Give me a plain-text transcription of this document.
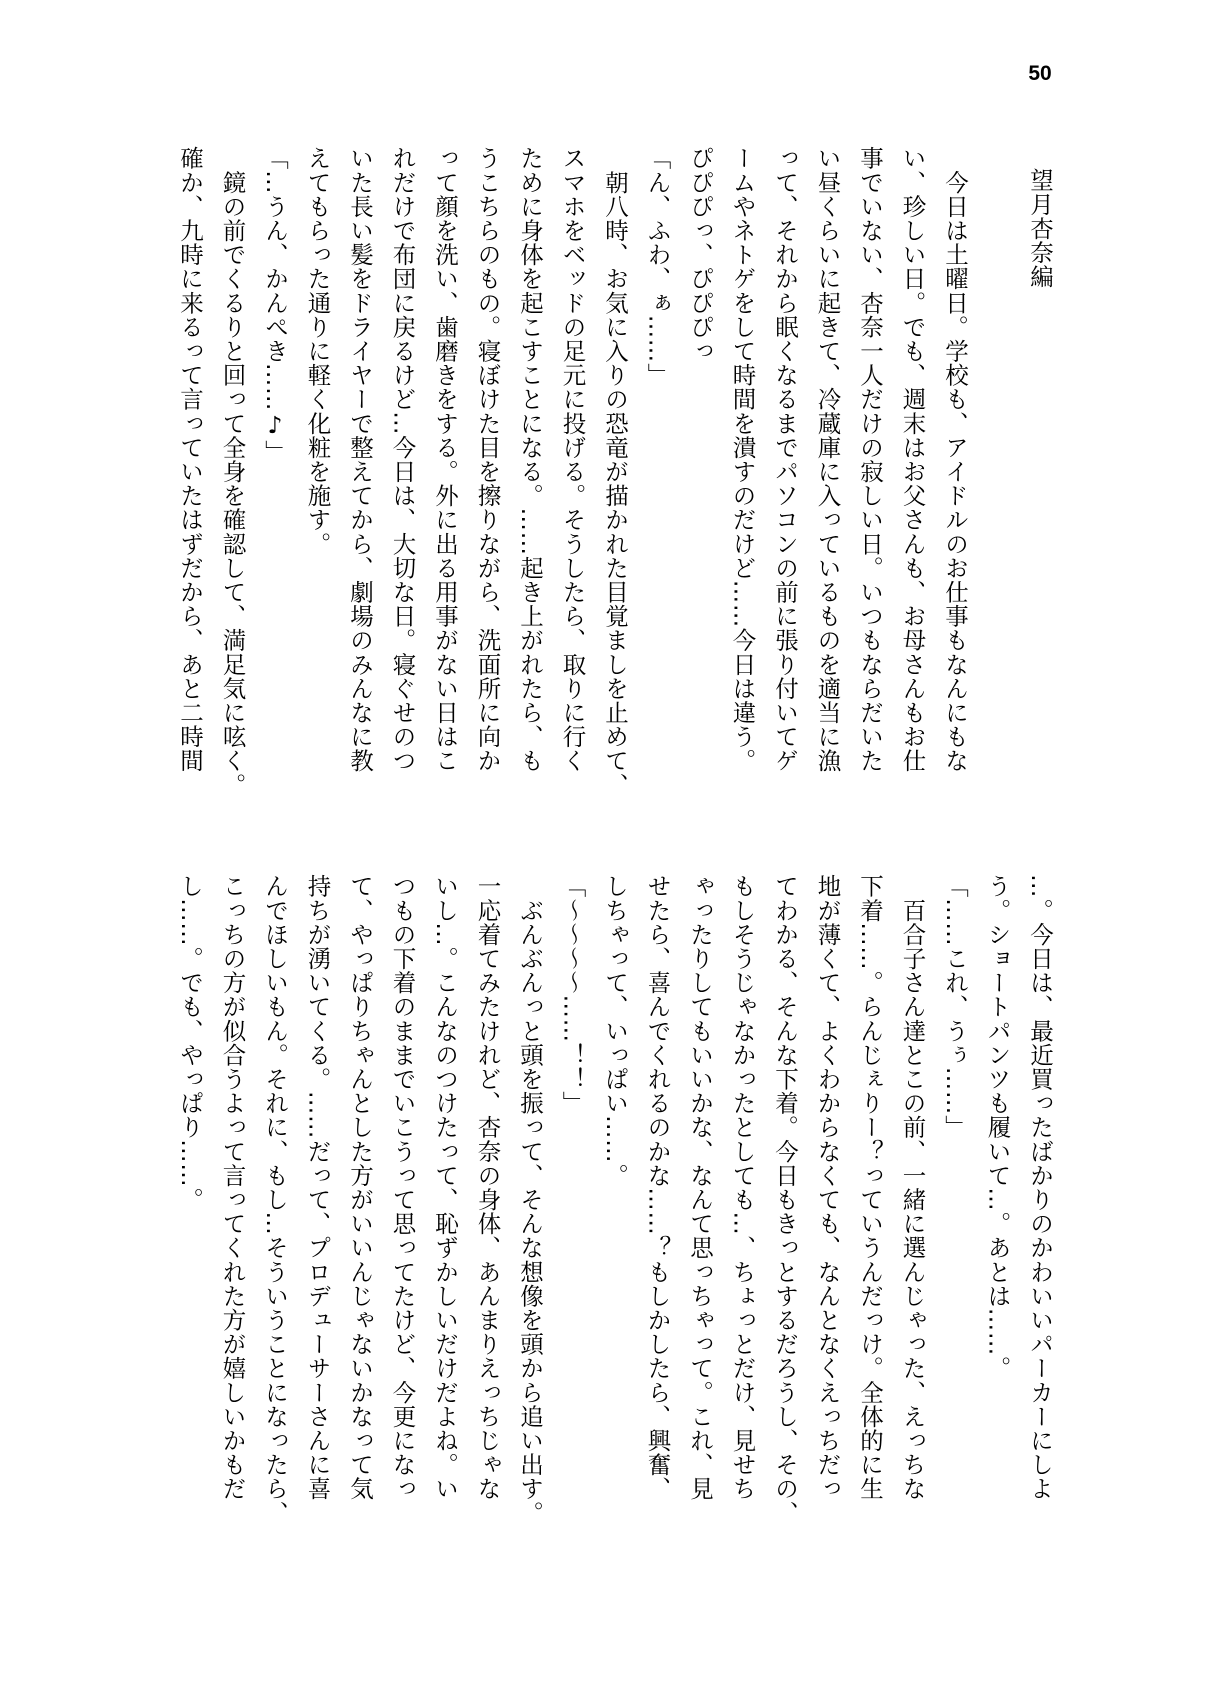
50
望月杏奈編
　今日は土曜日。学校も、アイドルのお仕事もなんにもな
い、珍しい日。でも、週末はお父さんも、お母さんもお仕
事でいない、杏奈一人だけの寂しい日。いつもならだいた
い昼くらいに起きて、冷蔵庫に入っているものを適当に漁
って、それから眠くなるまでパソコンの前に張り付いてゲ
ームやネトゲをして時間を潰すのだけど……今日は違う。
ぴぴぴっ、ぴぴぴっ
「ん、ふわ、ぁ……」
　朝八時、お気に入りの恐竜が描かれた目覚ましを止めて、
スマホをベッドの足元に投げる。そうしたら、取りに行く
ために身体を起こすことになる。……起き上がれたら、も
うこちらのもの。寝ぼけた目を擦りながら、洗面所に向か
って顔を洗い、歯磨きをする。外に出る用事がない日はこ
れだけで布団に戻るけど…今日は、大切な日。寝ぐせのつ
いた長い髪をドライヤーで整えてから、劇場のみんなに教
えてもらった通りに軽く化粧を施す。
「…うん、かんぺき……♪」
　鏡の前でくるりと回って全身を確認して、満足気に呟く。
確か、九時に来るって言っていたはずだから、あと二時間
…。今日は、最近買ったばかりのかわいいパーカーにしよ
う。ショートパンツも履いて…。あとは……。
「……これ、うぅ……」
　百合子さん達とこの前、一緒に選んじゃった、えっちな
下着……。らんじぇりー？っていうんだっけ。全体的に生
地が薄くて、よくわからなくても、なんとなくえっちだっ
てわかる、そんな下着。今日もきっとするだろうし、その、
もしそうじゃなかったとしても…、ちょっとだけ、見せち
ゃったりしてもいいかな、なんて思っちゃって。これ、見
せたら、喜んでくれるのかな……？もしかしたら、興奮、
しちゃって、いっぱい……。
「～～～～……！！」
　ぶんぶんっと頭を振って、そんな想像を頭から追い出す。
一応着てみたけれど、杏奈の身体、あんまりえっちじゃな
いし…。こんなのつけたって、恥ずかしいだけだよね。い
つもの下着のままでいこうって思ってたけど、今更になっ
て、やっぱりちゃんとした方がいいんじゃないかなって気
持ちが湧いてくる。……だって、プロデューサーさんに喜
んでほしいもん。それに、もし…そういうことになったら、
こっちの方が似合うよって言ってくれた方が嬉しいかもだ
し……。でも、やっぱり……。
